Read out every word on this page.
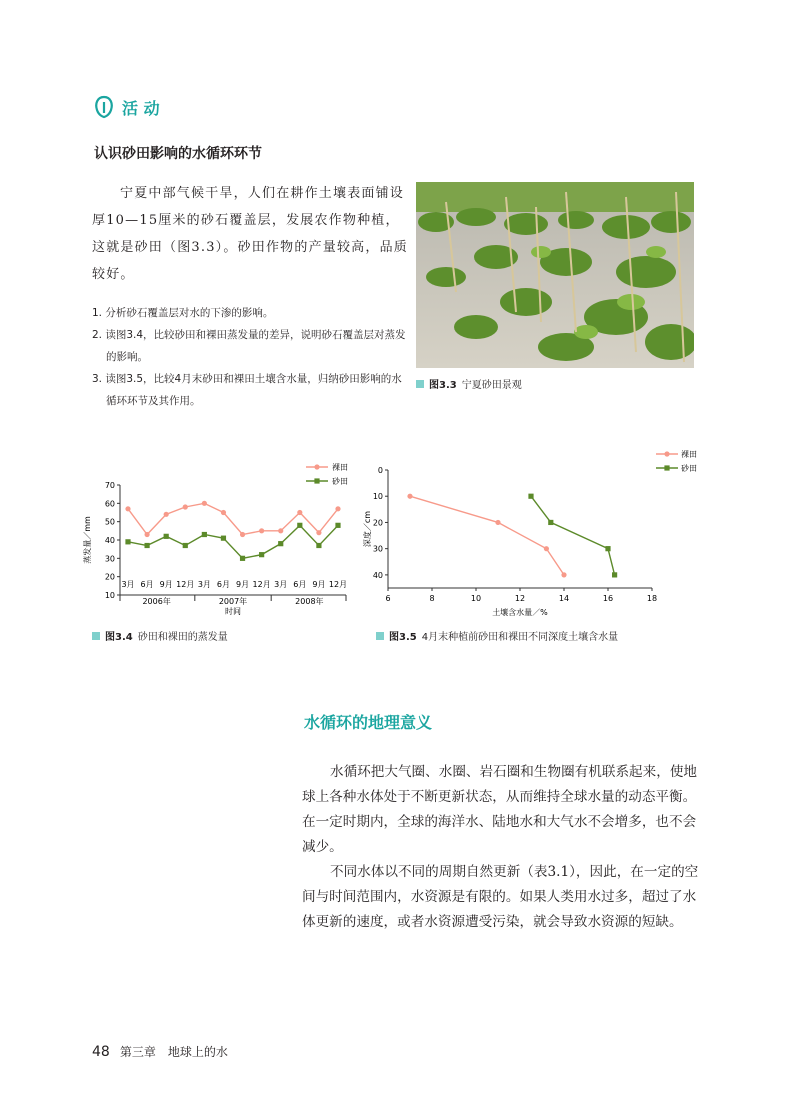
活 动
认识砂田影响的水循环环节

宁夏中部气候干旱，人们在耕作土壤表面铺设厚10—15厘米的砂石覆盖层，发展农作物种植，这就是砂田（图3.3）。砂田作物的产量较高，品质较好。

1. 分析砂石覆盖层对水的下渗的影响。
2. 读图3.4，比较砂田和裸田蒸发量的差异，说明砂石覆盖层对蒸发的影响。
3. 读图3.5，比较4月末砂田和裸田土壤含水量，归纳砂田影响的水循环环节及其作用。
图3.3 宁夏砂田景观
10
20
30
40
50
60
70
蒸发量／mm
3月 6月 9月 12月 3月 6月 9月 12月 3月 6月 9月 12月
2006年	2007年	2008年
时间
裸田
砂田
图3.4 砂田和裸田的蒸发量
0
10
20
30
40
6	8	10	12	14	16	18
土壤含水量／%
深度／cm
裸田
砂田
图3.5 4月末种植前砂田和裸田不同深度土壤含水量
水循环的地理意义

水循环把大气圈、水圈、岩石圈和生物圈有机联系起来，使地球上各种水体处于不断更新状态，从而维持全球水量的动态平衡。在一定时期内，全球的海洋水、陆地水和大气水不会增多，也不会减少。

不同水体以不同的周期自然更新（表3.1），因此，在一定的空间与时间范围内，水资源是有限的。如果人类用水过多，超过了水体更新的速度，或者水资源遭受污染，就会导致水资源的短缺。

48 第三章　地球上的水
